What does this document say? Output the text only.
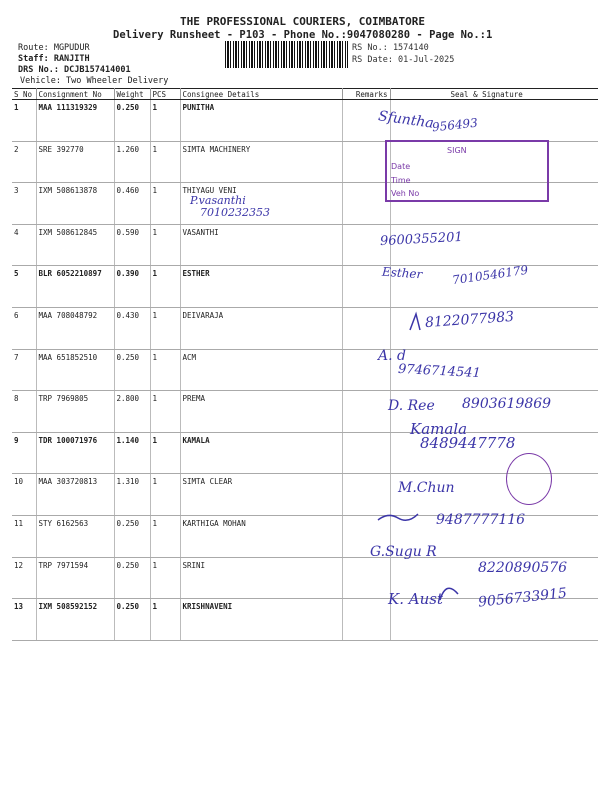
THE PROFESSIONAL COURIERS, COIMBATORE
Delivery Runsheet - P103 - Phone No.:9047080280 - Page No.:1
Route: MGPUDUR
Staff: RANJITH
DRS No.: DCJB157414001
Vehicle: Two Wheeler Delivery
RS No.: 1574140
RS Date: 01-Jul-2025
S No	Consignment No	Weight	PCS	Consignee Details	Remarks	Seal & Signature
1	MAA 111319329	0.250	1	PUNITHA		
2	SRE 392770	1.260	1	SIMTA MACHINERY		
3	IXM 508613878	0.460	1	THIYAGU VENI		
4	IXM 508612845	0.590	1	VASANTHI		
5	BLR 6052210897	0.390	1	ESTHER		
6	MAA 708048792	0.430	1	DEIVARAJA		
7	MAA 651852510	0.250	1	ACM		
8	TRP 7969805	2.800	1	PREMA		
9	TDR 100071976	1.140	1	KAMALA		
10	MAA 303720813	1.310	1	SIMTA CLEAR		
11	STY 6162563	0.250	1	KARTHIGA MOHAN		
12	TRP 7971594	0.250	1	SRINI		
13	IXM 508592152	0.250	1	KRISHNAVENI		
SIGN
Date
Time
Veh No
Sfuntha
956493
P.vasanthi
7010232353
9600355201
Esther 7010546179
8122077983
A. d
9746714541
D. Ree 8903619869
Kamala
8489447778
M.Chun
9487777116
G.Sugu R
8220890576
K. Aust 9056733915
